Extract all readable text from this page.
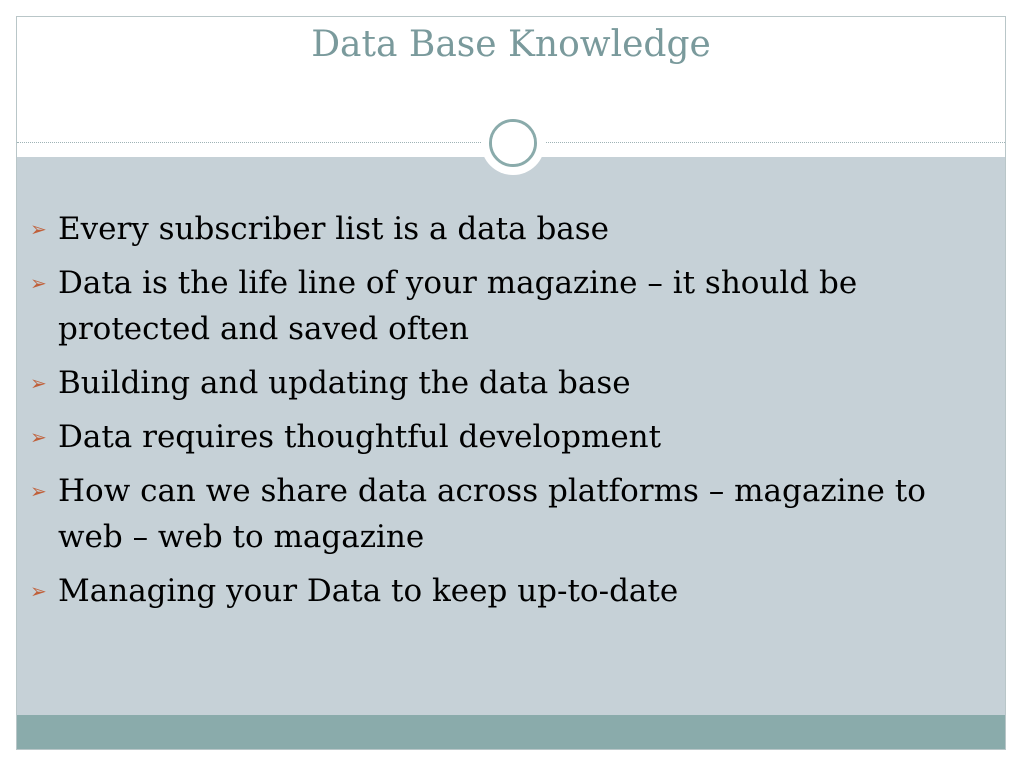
Data Base Knowledge
➢ Every subscriber list is a data base
➢ Data is the life line of your magazine – it should be protected and saved often
➢ Building and updating the data base
➢ Data requires thoughtful development
➢ How can we share data across platforms – magazine to web – web to magazine
➢ Managing your Data to keep up-to-date
